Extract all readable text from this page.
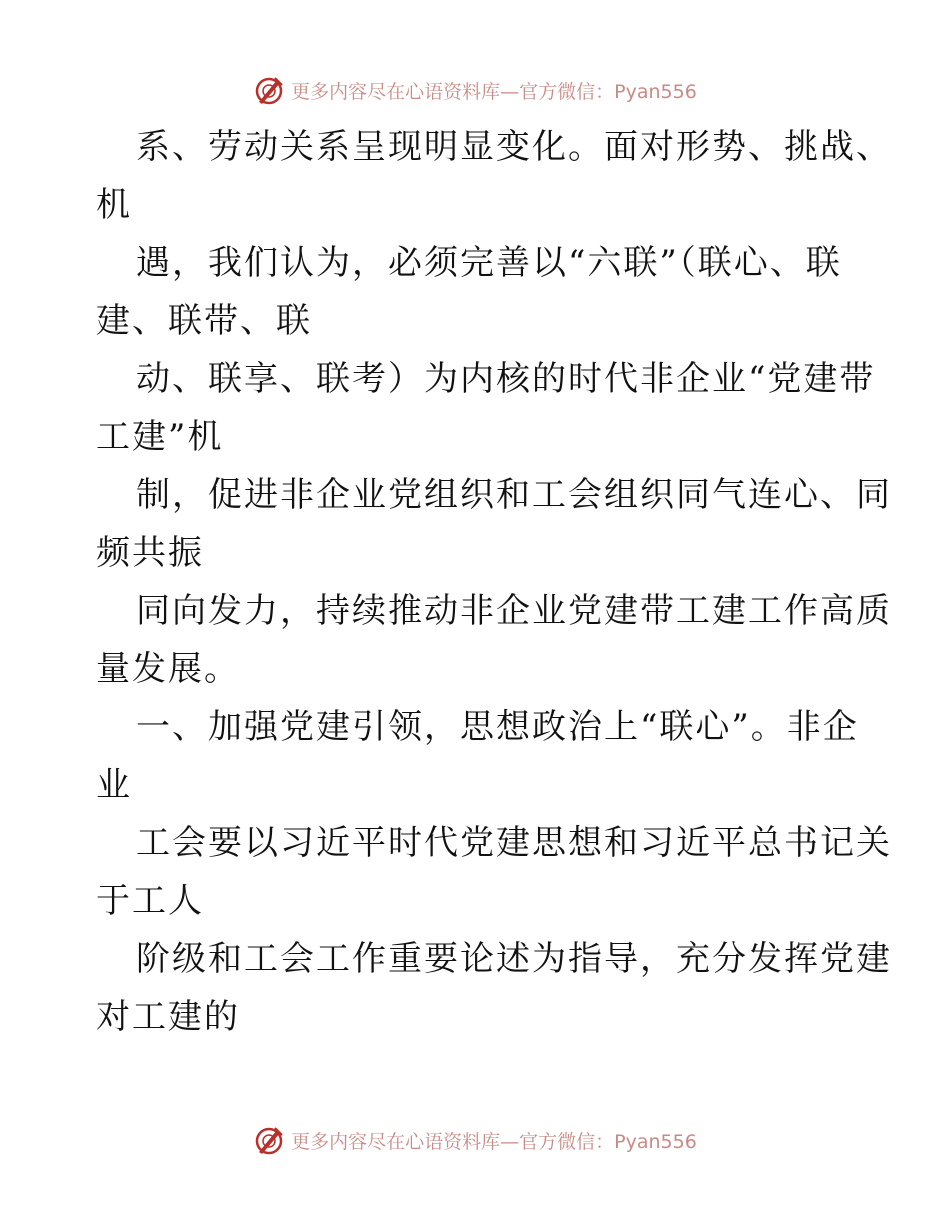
更多内容尽在心语资料库—官方微信：Pyan556
系、劳动关系呈现明显变化。面对形势、挑战、
机
遇，我们认为，必须完善以“六联”（联心、联
建、联带、联
动、联享、联考）为内核的时代非企业“党建带
工建”机
制，促进非企业党组织和工会组织同气连心、同
频共振
同向发力，持续推动非企业党建带工建工作高质
量发展。
一、加强党建引领，思想政治上“联心”。非企
业
工会要以习近平时代党建思想和习近平总书记关
于工人
阶级和工会工作重要论述为指导，充分发挥党建
对工建的
更多内容尽在心语资料库—官方微信：Pyan556
